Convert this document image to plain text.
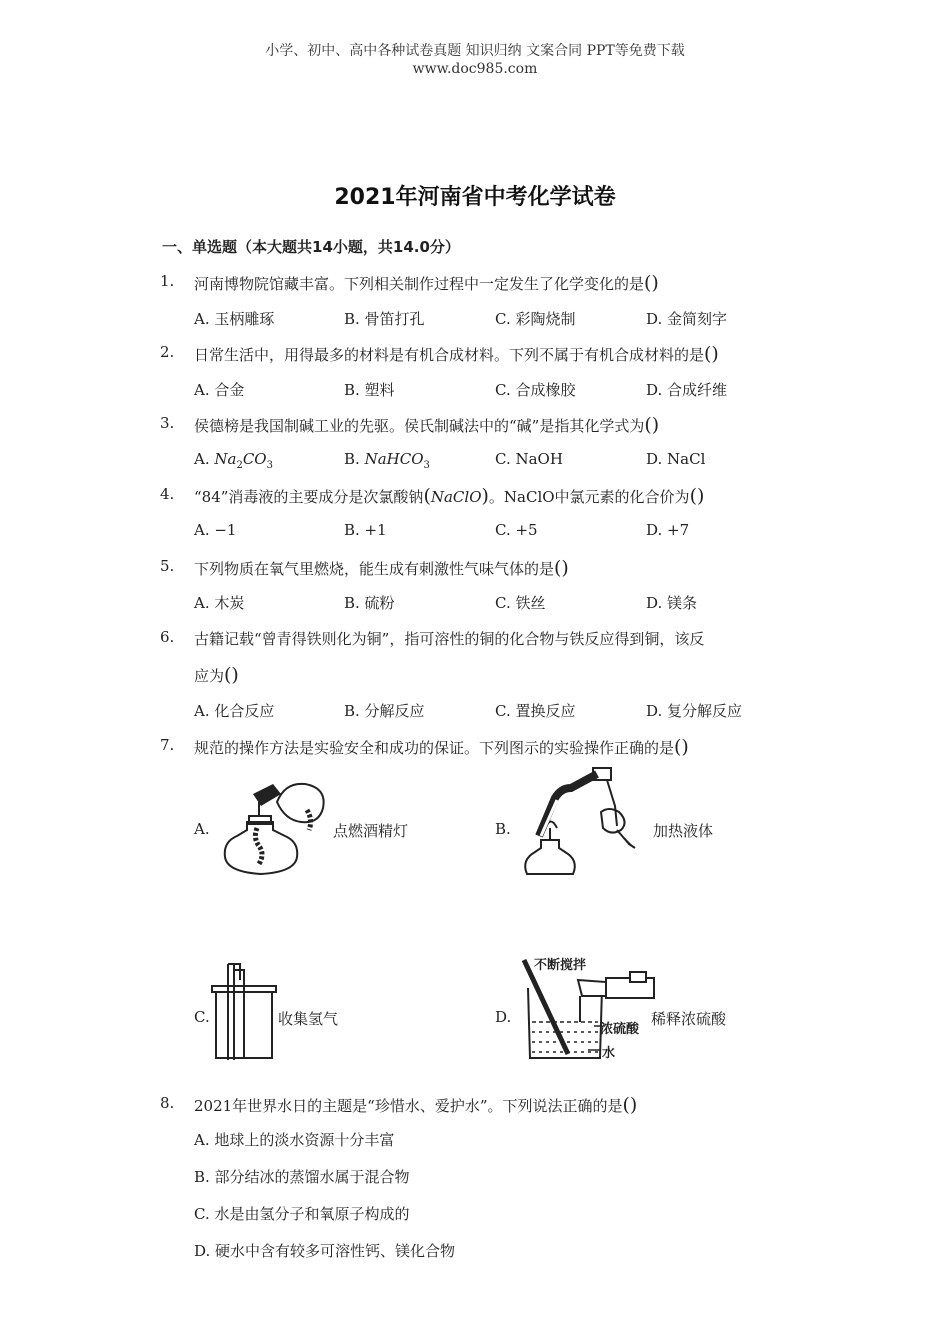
小学、初中、高中各种试卷真题 知识归纳 文案合同 PPT等免费下载
www.doc985.com
2021年河南省中考化学试卷
一、单选题（本大题共14小题，共14.0分）
1. 河南博物院馆藏丰富。下列相关制作过程中一定发生了化学变化的是()
A. 玉柄雕琢	B. 骨笛打孔	C. 彩陶烧制	D. 金简刻字
2. 日常生活中，用得最多的材料是有机合成材料。下列不属于有机合成材料的是()
A. 合金	B. 塑料	C. 合成橡胶	D. 合成纤维
3. 侯德榜是我国制碱工业的先驱。侯氏制碱法中的“碱”是指其化学式为()
A. $Na_2CO_3$	B. NaHCO$_3$	C. NaOH	D. NaCl
4. “84”消毒液的主要成分是次氯酸钠(NaClO)。NaClO中氯元素的化合价为()
A. −1	B. +1	C. +5	D. +7
5. 下列物质在氧气里燃烧，能生成有刺激性气味气体的是()
A. 木炭	B. 硫粉	C. 铁丝	D. 镁条
6. 古籍记载“曾青得铁则化为铜”，指可溶性的铜的化合物与铁反应得到铜，该反
应为()
A. 化合反应	B. 分解反应	C. 置换反应	D. 复分解反应
7. 规范的操作方法是实验安全和成功的保证。下列图示的实验操作正确的是()
A.	点燃酒精灯	B.	加热液体
C.	收集氢气	D.
不断搅拌
浓硫酸
水
稀释浓硫酸
8. 2021年世界水日的主题是“珍惜水、爱护水”。下列说法正确的是()
A. 地球上的淡水资源十分丰富
B. 部分结冰的蒸馏水属于混合物
C. 水是由氢分子和氧原子构成的
D. 硬水中含有较多可溶性钙、镁化合物
